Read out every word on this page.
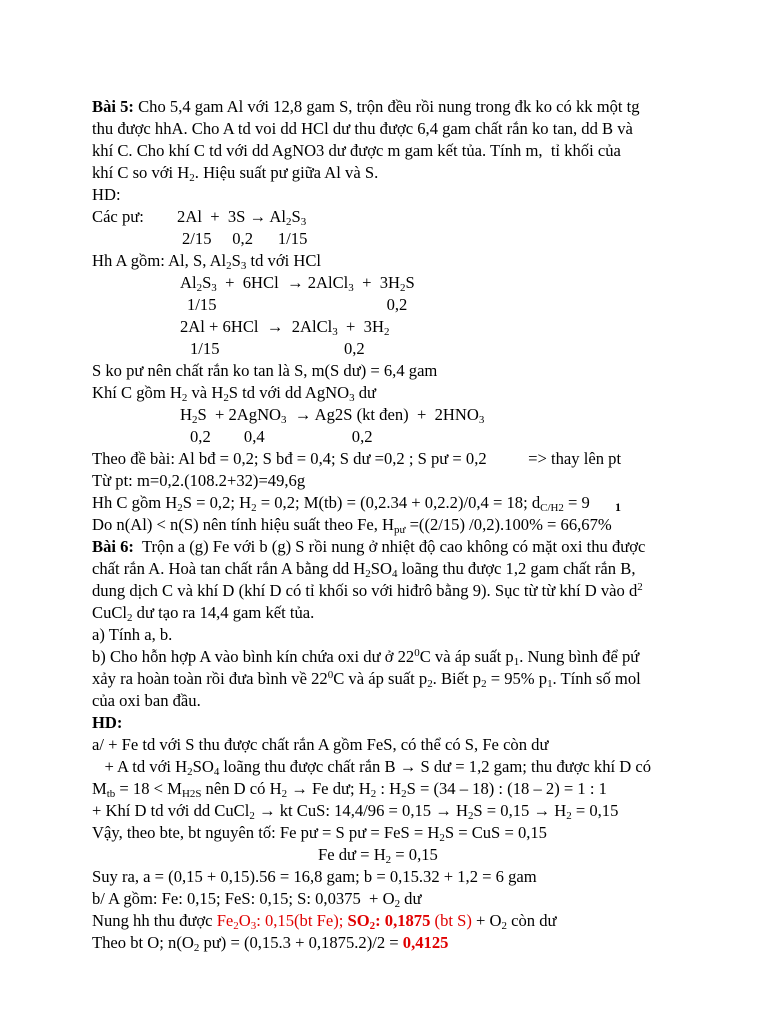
Bài 5: Cho 5,4 gam Al với 12,8 gam S, trộn đều rồi nung trong đk ko có kk một tg
thu được hhA. Cho A td voi dd HCl dư thu được 6,4 gam chất rắn ko tan, dd B và
khí C. Cho khí C td với dd AgNO3 dư được m gam kết tủa. Tính m,  tỉ khối của
khí C so với $H_2$. Hiệu suất pư giữa Al và S.
HD:
Các pư:        $2Al + 3S \to Al_2S_3$
2/15     0,2      1/15
Hh A gồm: Al, S, $Al_2S_3$ td với HCl
$Al_2S_3 + 6HCl$  → 2AlCl$_3$  +  $3H_2S$
1/15                                         0,2
2Al + 6HCl  →  2AlCl$_3$  +  $3H_2$
1/15                              0,2
S ko pư nên chất rắn ko tan là S, m(S dư) = 6,4 gam
Khí C gồm $H_2$ và $H_2S$ td với dd AgNO$_3$ dư
$H_2S$  + 2AgNO$_3$  → Ag2S (kt đen)  +  $2HNO_3$
0,2        0,4                     0,2
Theo đề bài: Al bđ = 0,2; S bđ = 0,4; S dư =0,2 ; S pư = 0,2          => thay lên pt
Từ pt: m=0,2.(108.2+32)=49,6g
Hh C gồm $H_2S = 0,2$; $H_2 = 0,2$; M(tb) = (0,2.34 + 0,2.2)/0,4 = 18; $d_{C/H2} = 9$
Do n(Al) < n(S) nên tính hiệu suất theo Fe, $H_{pư} =((2/15) /0,2).100\% = 66,67\%$
Bài 6:  Trộn a (g) Fe với b (g) S rồi nung ở nhiệt độ cao không có mặt oxi thu được
chất rắn A. Hoà tan chất rắn A bằng dd $H_2SO_4$ loãng thu được 1,2 gam chất rắn B,
dung dịch C và khí D (khí D có tỉ khối so với hiđrô bằng 9). Sục từ từ khí D vào $d^2$
CuCl$_2$ dư tạo ra 14,4 gam kết tủa.
a) Tính a, b.
b) Cho hỗn hợp A vào bình kín chứa oxi dư ở $22^0C$ và áp suất $p_1$. Nung bình để pứ
xảy ra hoàn toàn rồi đưa bình về $22^0C$ và áp suất $p_2$. Biết $p_2 = 95\%$ $p_1$. Tính số mol
của oxi ban đầu.
HD:
a/ + Fe td với S thu được chất rắn A gồm FeS, có thể có S, Fe còn dư
+ A td với $H_2SO_4$ loãng thu được chất rắn B → S dư = 1,2 gam; thu được khí D có
$M_{tb} = 18 < M_{H2S}$ nên D có $H_2 \to Fe$ dư; $H_2$ : $H_2S = (34 - 18)$ : (18 – 2) = 1 : 1
+ Khí D td với dd CuCl$_2$ → kt CuS: $14,4/96 = 0,15 \to H_2S = 0,15 \to H_2 = 0,15$
Vậy, theo bte, bt nguyên tố: Fe pư = S pư = FeS = $H_2S$ = CuS = 0,15
Fe dư = $H_2 = 0,15$
Suy ra, a = (0,15 + 0,15).56 = 16,8 gam; b = 0,15.32 + 1,2 = 6 gam
b/ A gồm: Fe: 0,15; FeS: 0,15; S: $0,0375 + O_2$ dư
Nung hh thu được $Fe_2O_3$: 0,15(bt Fe); $SO_2$: 0,1875 (bt $S) + O_2$ còn dư
Theo bt O; $n(O_2$ pư) = (0,15.3 + 0,1875.2)/2 = 0,4125
1
